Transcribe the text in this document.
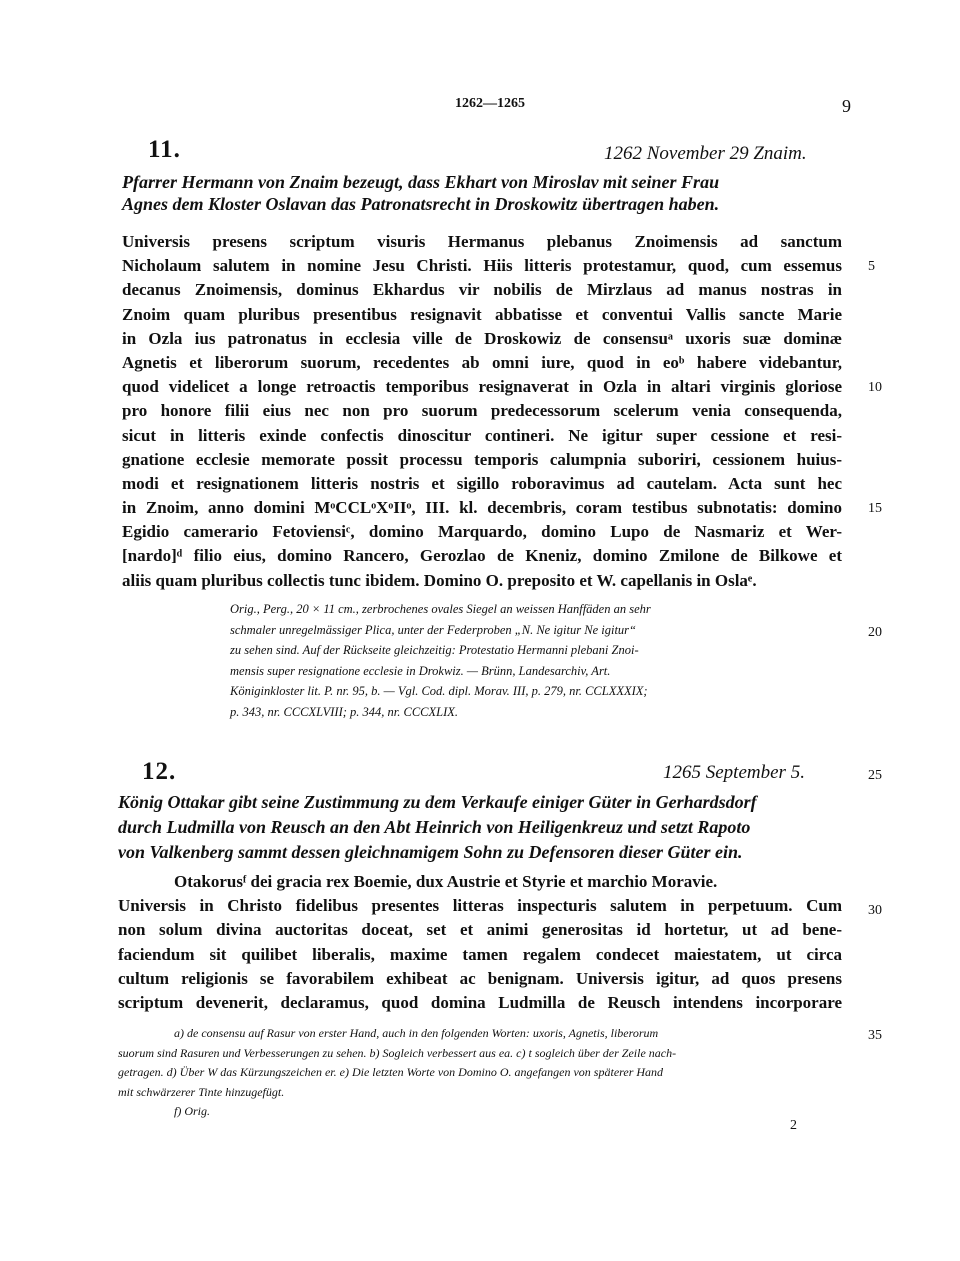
1262—1265	9
11.	1262 November 29 Znaim.
Pfarrer Hermann von Znaim bezeugt, dass Ekhart von Miroslav mit seiner Frau
Agnes dem Kloster Oslavan das Patronatsrecht in Droskowitz übertragen haben.
Universis presens scriptum visuris Hermanus plebanus Znoimensis ad sanctum
Nicholaum salutem in nomine Jesu Christi. Hiis litteris protestamur, quod, cum essemus
decanus Znoimensis, dominus Ekhardus vir nobilis de Mirzlaus ad manus nostras in
Znoim quam pluribus presentibus resignavit abbatisse et conventui Vallis sancte Marie
in Ozla ius patronatus in ecclesia ville de Droskowiz de consensuᵃ uxoris suæ dominæ
Agnetis et liberorum suorum, recedentes ab omni iure, quod in eoᵇ habere videbantur,
quod videlicet a longe retroactis temporibus resignaverat in Ozla in altari virginis gloriose
pro honore filii eius nec non pro suorum predecessorum scelerum venia consequenda,
sicut in litteris exinde confectis dinoscitur contineri. Ne igitur super cessione et resi-
gnatione ecclesie memorate possit processu temporis calumpnia suboriri, cessionem huius-
modi et resignationem litteris nostris et sigillo roboravimus ad cautelam. Acta sunt hec
in Znoim, anno domini MᵒCCLᵒXᵒIIᵒ, III. kl. decembris, coram testibus subnotatis: domino
Egidio camerario Fetoviensiᶜ, domino Marquardo, domino Lupo de Nasmariz et Wer-
[nardo]ᵈ filio eius, domino Rancero, Gerozlao de Kneniz, domino Zmilone de Bilkowe et
aliis quam pluribus collectis tunc ibidem. Domino O. preposito et W. capellanis in Oslaᵉ.
Orig., Perg., 20 × 11 cm., zerbrochenes ovales Siegel an weissen Hanffäden an sehr
schmaler unregelmässiger Plica, unter der Federproben „N. Ne igitur Ne igitur“
zu sehen sind. Auf der Rückseite gleichzeitig: Protestatio Hermanni plebani Znoi-
mensis super resignatione ecclesie in Drokwiz. — Brünn, Landesarchiv, Art.
Königinkloster lit. P. nr. 95, b. — Vgl. Cod. dipl. Morav. III, p. 279, nr. CCLXXXIX;
p. 343, nr. CCCXLVIII; p. 344, nr. CCCXLIX.
12.	1265 September 5.
König Ottakar gibt seine Zustimmung zu dem Verkaufe einiger Güter in Gerhardsdorf
durch Ludmilla von Reusch an den Abt Heinrich von Heiligenkreuz und setzt Rapoto
von Valkenberg sammt dessen gleichnamigem Sohn zu Defensoren dieser Güter ein.
Otakorusᶠ dei gracia rex Boemie, dux Austrie et Styrie et marchio Moravie.
Universis in Christo fidelibus presentes litteras inspecturis salutem in perpetuum. Cum
non solum divina auctoritas doceat, set et animi generositas id hortetur, ut ad bene-
faciendum sit quilibet liberalis, maxime tamen regalem condecet maiestatem, ut circa
cultum religionis se favorabilem exhibeat ac benignam. Universis igitur, ad quos presens
scriptum devenerit, declaramus, quod domina Ludmilla de Reusch intendens incorporare
a) de consensu auf Rasur von erster Hand, auch in den folgenden Worten: uxoris, Agnetis, liberorum
suorum sind Rasuren und Verbesserungen zu sehen. b) Sogleich verbessert aus ea. c) t sogleich über der Zeile nach-
getragen. d) Über W das Kürzungszeichen er. e) Die letzten Worte von Domino O. angefangen von späterer Hand
mit schwärzerer Tinte hinzugefügt.
f) Orig.
5
10
15
20
25
30
35
2
